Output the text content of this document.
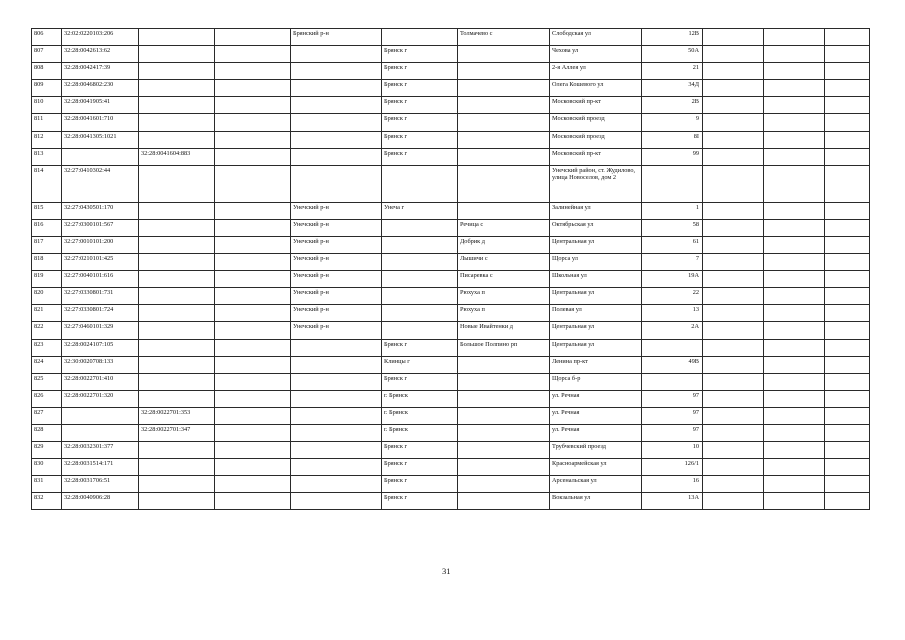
806	32:02:0220103:206			Брянский р-н		Толмачево с	Слободская ул	12В			
807	32:28:0042613:62				Брянск г		Чехова ул	50А			
808	32:28:0042417:39				Брянск г		2-я Аллея ул	21			
809	32:28:0046802:230				Брянск г		Олега Кошевого ул	34Д			
810	32:28:0041905:41				Брянск г		Московский пр-кт	2В			
811	32:28:0041601:710				Брянск г		Московский проезд	9			
812	32:28:0041305:1021				Брянск г		Московский проезд	8І			
813		32:28:0041604:883			Брянск г		Московский пр-кт	99			
814	32:27:0410302:44						Унечский район, ст. Жудилово, улица Новоселов, дом 2				
815	32:27:0430501:170			Унечский р-н	Унеча г		Залинейная ул	1			
816	32:27:0300101:567			Унечский р-н		Речица с	Октябрьская ул	58			
817	32:27:0010101:200			Унечский р-н		Добрик д	Центральная ул	61			
818	32:27:0210101:425			Унечский р-н		Лышичи с	Щорса ул	7			
819	32:27:0040101:616			Унечский р-н		Писаревка с	Школьная ул	19А			
820	32:27:0330801:731			Унечский р-н		Рюхуха п	Центральная ул	22			
821	32:27:0330801:724			Унечский р-н		Рюхуха п	Полевая ул	13			
822	32:27:0460101:329			Унечский р-н		Новые Ивайтенки д	Центральная ул	2А			
823	32:28:0024107:105				Брянск г	Большое Полпино рп	Центральная ул				
824	32:30:0020708:133				Клинцы г		Ленина пр-кт	49В			
825	32:28:0022701:410				Брянск г		Щорса б-р				
826	32:28:0022701:320				г. Брянск		ул. Речная	97			
827		32:28:0022701:353			г. Брянск		ул. Речная	97			
828		32:28:0022701:347			г. Брянск		ул. Речная	97			
829	32:28:0032301:377				Брянск г		Трубчевский проезд	10			
830	32:28:0031514:171				Брянск г		Красноармейская ул	126/1			
831	32:28:0031706:51				Брянск г		Арсенальская ул	16			
832	32:28:0040906:28				Брянск г		Вокзальная ул	13А			
31
